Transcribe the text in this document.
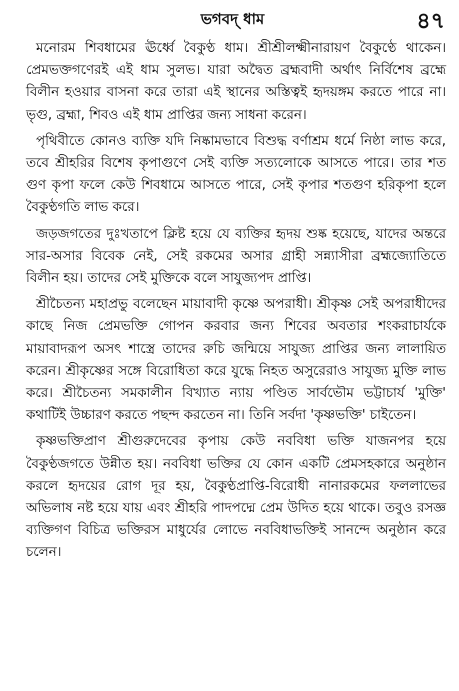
ভগবদ্ ধাম	৪৭

মনোরম শিবধামের ঊর্ধ্বে বৈকুণ্ঠ ধাম। শ্রীশ্রীলক্ষ্মীনারায়ণ বৈকুণ্ঠে থাকেন। প্রেমভক্তগণেরই এই ধাম সুলভ। যারা অদ্বৈত ব্রহ্মবাদী অর্থাৎ নির্বিশেষ ব্রহ্মে বিলীন হওয়ার বাসনা করে তারা এই স্থানের অস্তিত্বই হৃদয়ঙ্গম করতে পারে না। ভৃগু, ব্রহ্মা, শিবও এই ধাম প্রাপ্তির জন্য সাধনা করেন।

পৃথিবীতে কোনও ব্যক্তি যদি নিষ্কামভাবে বিশুদ্ধ বর্ণাশ্রম ধর্মে নিষ্ঠা লাভ করে, তবে শ্রীহরির বিশেষ কৃপাগুণে সেই ব্যক্তি সত্যলোকে আসতে পারে। তার শত গুণ কৃপা ফলে কেউ শিবধামে আসতে পারে, সেই কৃপার শতগুণ হরিকৃপা হলে বৈকুণ্ঠগতি লাভ করে।

জড়জগতের দুঃখতাপে ক্লিষ্ট হয়ে যে ব্যক্তির হৃদয় শুষ্ক হয়েছে, যাদের অন্তরে সার-অসার বিবেক নেই, সেই রকমের অসার গ্রাহী সন্ন্যাসীরা ব্রহ্মজ্যোতিতে বিলীন হয়। তাদের সেই মুক্তিকে বলে সাযুজ্যপদ প্রাপ্তি।

শ্রীচৈতন্য মহাপ্রভু বলেছেন মায়াবাদী কৃষ্ণে অপরাধী। শ্রীকৃষ্ণ সেই অপরাধীদের কাছে নিজ প্রেমভক্তি গোপন করবার জন্য শিবের অবতার শংকরাচার্যকে মায়াবাদরূপ অসৎ শাস্ত্রে তাদের রুচি জন্মিয়ে সাযুজ্য প্রাপ্তির জন্য লালায়িত করেন। শ্রীকৃষ্ণের সঙ্গে বিরোধিতা করে যুদ্ধে নিহত অসুরেরাও সাযুজ্য মুক্তি লাভ করে। শ্রীচৈতন্য সমকালীন বিখ্যাত ন্যায় পণ্ডিত সার্বভৌম ভট্টাচার্য 'মুক্তি' কথাটিই উচ্চারণ করতে পছন্দ করতেন না। তিনি সর্বদা 'কৃষ্ণভক্তি' চাইতেন।

কৃষ্ণভক্তিপ্রাণ শ্রীগুরুদেবের কৃপায় কেউ নববিধা ভক্তি যাজনপর হয়ে বৈকুণ্ঠজগতে উন্নীত হয়। নববিধা ভক্তির যে কোন একটি প্রেমসহকারে অনুষ্ঠান করলে হৃদয়ের রোগ দূর হয়, বৈকুণ্ঠপ্রাপ্তি-বিরোধী নানারকমের ফললাভের অভিলাষ নষ্ট হয়ে যায় এবং শ্রীহরি পাদপদ্মে প্রেম উদিত হয়ে থাকে। তবুও রসজ্ঞ ব্যক্তিগণ বিচিত্র ভক্তিরস মাধুর্যের লোভে নববিধাভক্তিই সানন্দে অনুষ্ঠান করে চলেন।
